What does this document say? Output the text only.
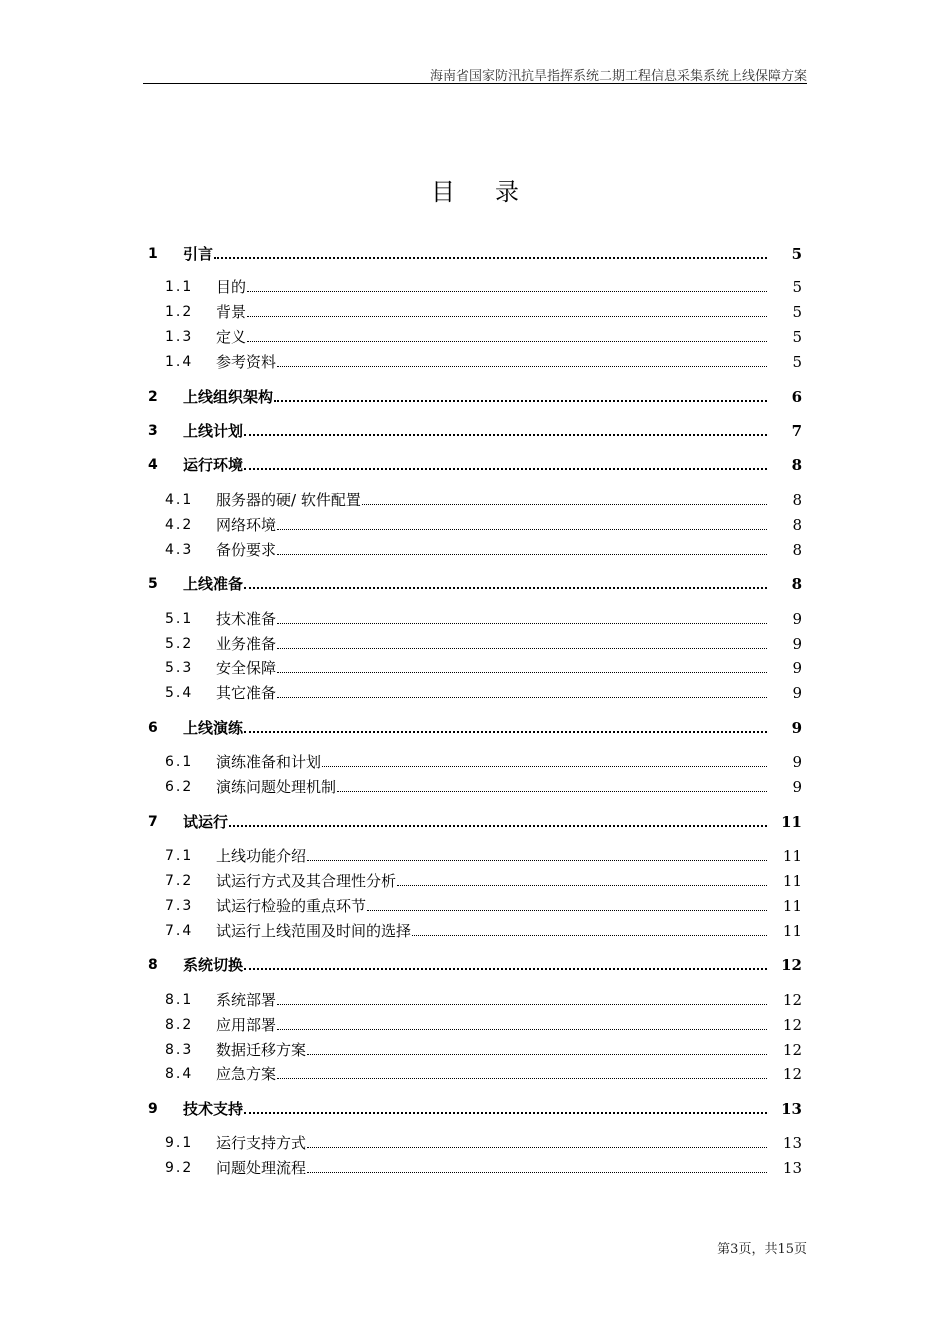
海南省国家防汛抗旱指挥系统二期工程信息采集系统上线保障方案
目录
1 引言	5
1.1 目的	5
1.2 背景	5
1.3 定义	5
1.4 参考资料	5
2 上线组织架构	6
3 上线计划	7
4 运行环境	8
4.1 服务器的硬/ 软件配置	8
4.2 网络环境	8
4.3 备份要求	8
5 上线准备	8
5.1 技术准备	9
5.2 业务准备	9
5.3 安全保障	9
5.4 其它准备	9
6 上线演练	9
6.1 演练准备和计划	9
6.2 演练问题处理机制	9
7 试运行	11
7.1 上线功能介绍	11
7.2 试运行方式及其合理性分析	11
7.3 试运行检验的重点环节	11
7.4 试运行上线范围及时间的选择	11
8 系统切换	12
8.1 系统部署	12
8.2 应用部署	12
8.3 数据迁移方案	12
8.4 应急方案	12
9 技术支持	13
9.1 运行支持方式	13
9.2 问题处理流程	13
第3页，共15页
